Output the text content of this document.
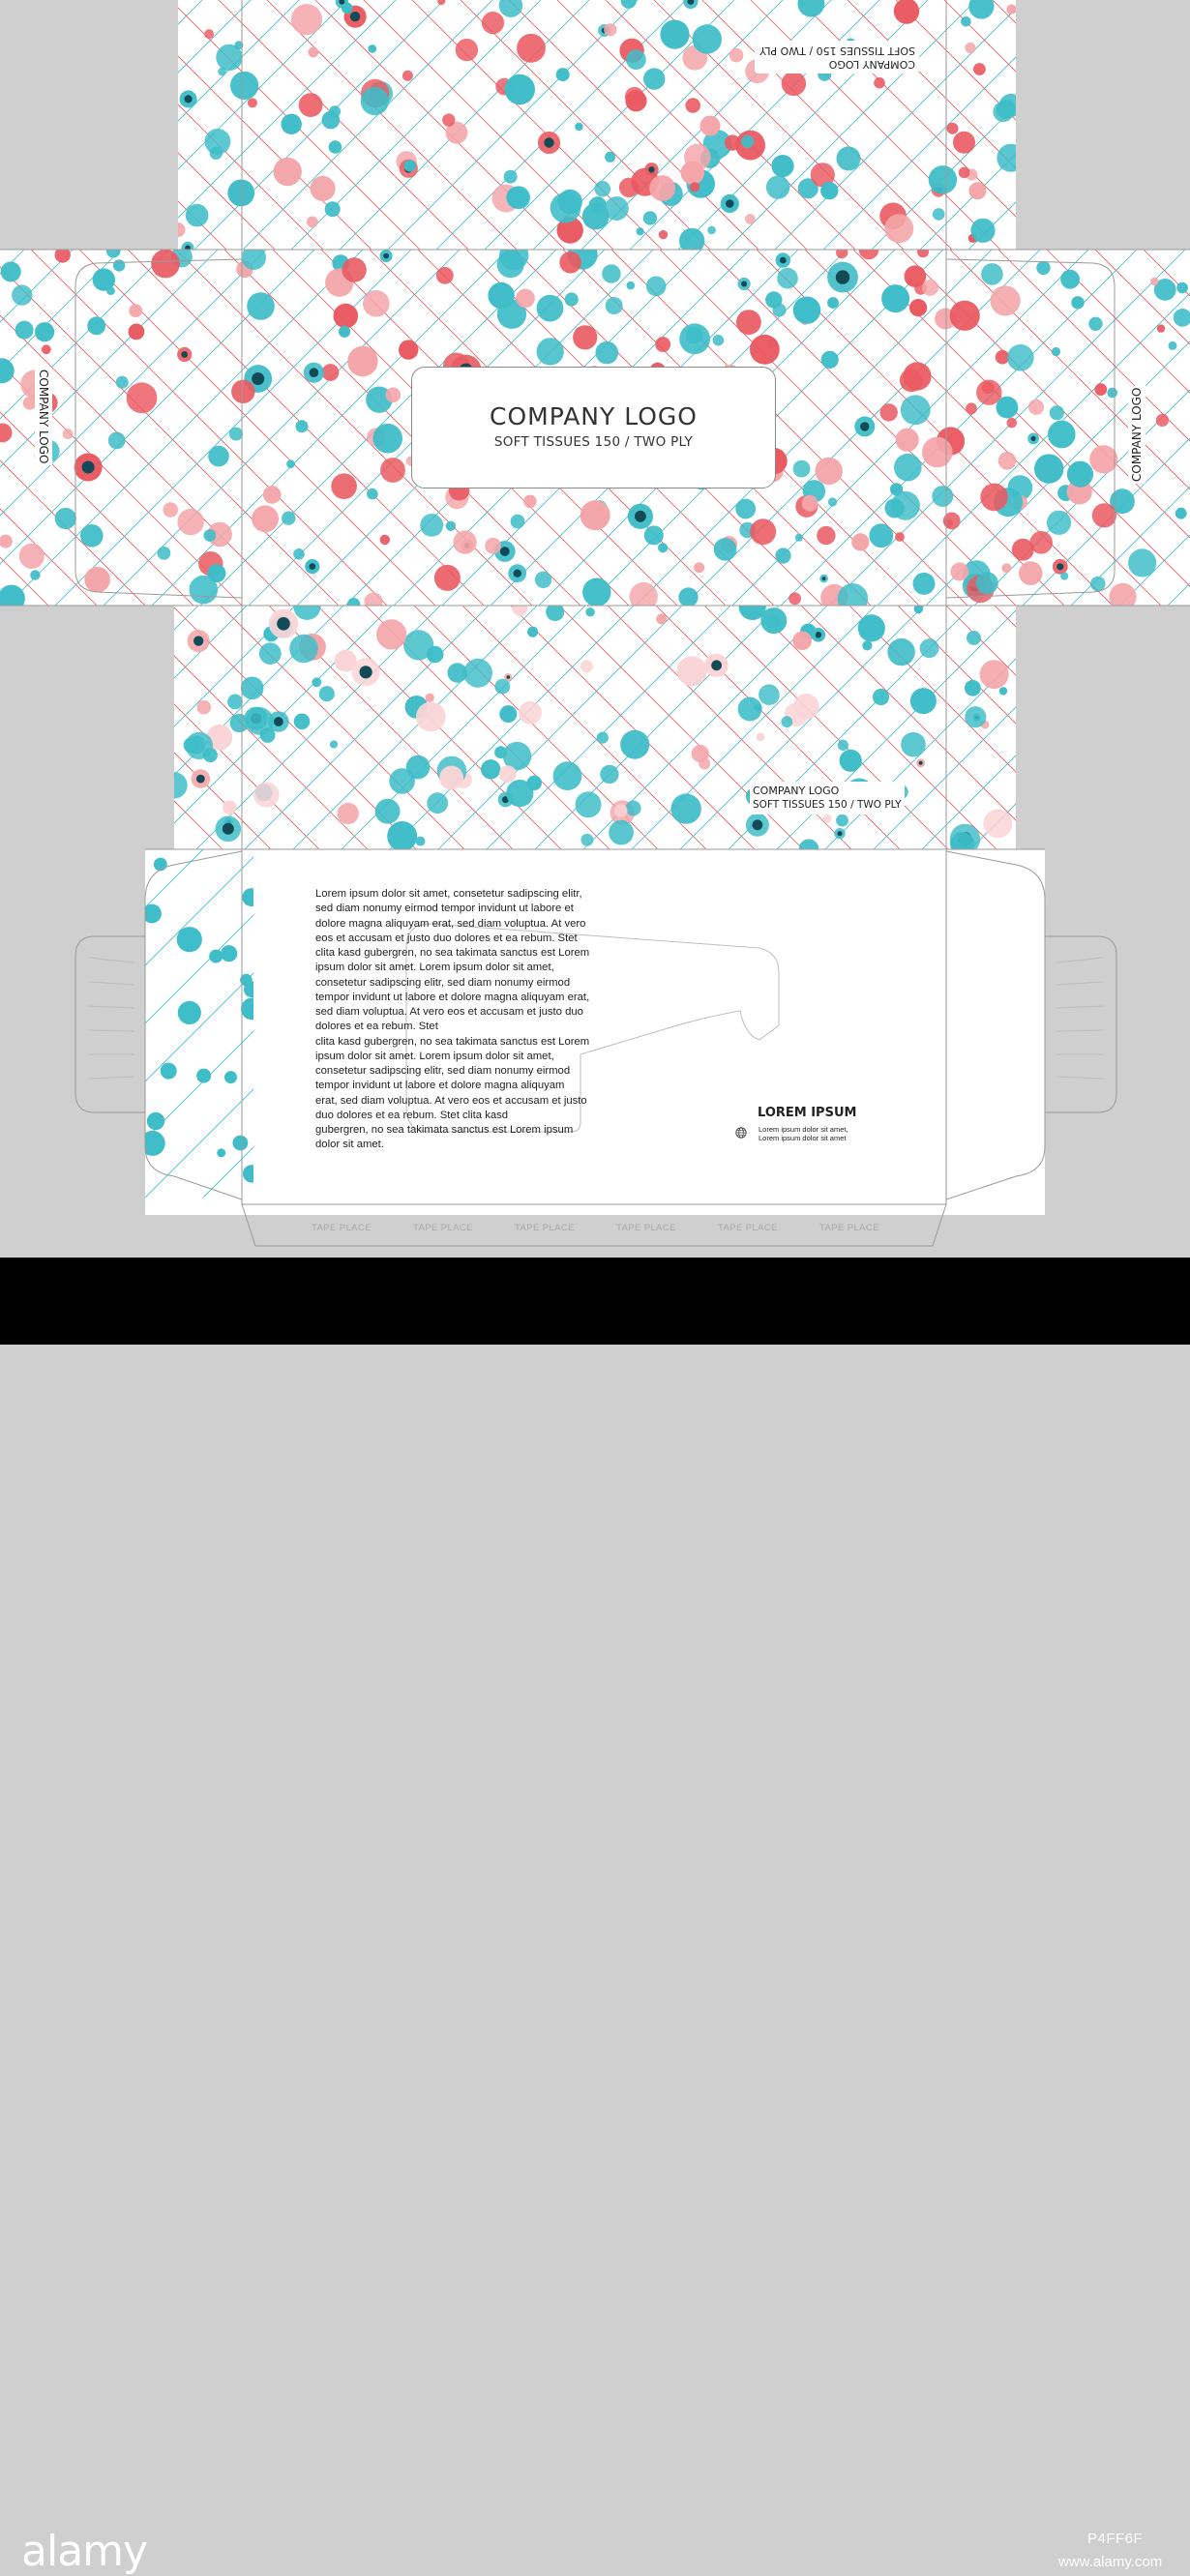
COMPANY LOGO
SOFT TISSUES 150 / TWO PLY
COMPANY LOGO	COMPANY LOGO
COMPANY LOGO
SOFT TISSUES 150 / TWO PLY
COMPANY LOGO
SOFT TISSUES 150 / TWO PLY
Lorem ipsum dolor sit amet, consetetur sadipscing elitr,
sed diam nonumy eirmod tempor invidunt ut labore et
dolore magna aliquyam erat, sed diam voluptua. At vero
eos et accusam et justo duo dolores et ea rebum. Stet
clita kasd gubergren, no sea takimata sanctus est Lorem
ipsum dolor sit amet. Lorem ipsum dolor sit amet,
consetetur sadipscing elitr, sed diam nonumy eirmod
tempor invidunt ut labore et dolore magna aliquyam erat,
sed diam voluptua. At vero eos et accusam et justo duo
dolores et ea rebum. Stet
clita kasd gubergren, no sea takimata sanctus est Lorem
ipsum dolor sit amet. Lorem ipsum dolor sit amet,
consetetur sadipscing elitr, sed diam nonumy eirmod
tempor invidunt ut labore et dolore magna aliquyam
erat, sed diam voluptua. At vero eos et accusam et justo
duo dolores et ea rebum. Stet clita kasd
gubergren, no sea takimata sanctus est Lorem ipsum
dolor sit amet.
LOREM IPSUM
Lorem ipsum dolor sit amet,
Lorem ipsum dolor sit amet
TAPE PLACE	TAPE PLACE	TAPE PLACE	TAPE PLACE	TAPE PLACE	TAPE PLACE
alamy	P4FF6F
www.alamy.com
